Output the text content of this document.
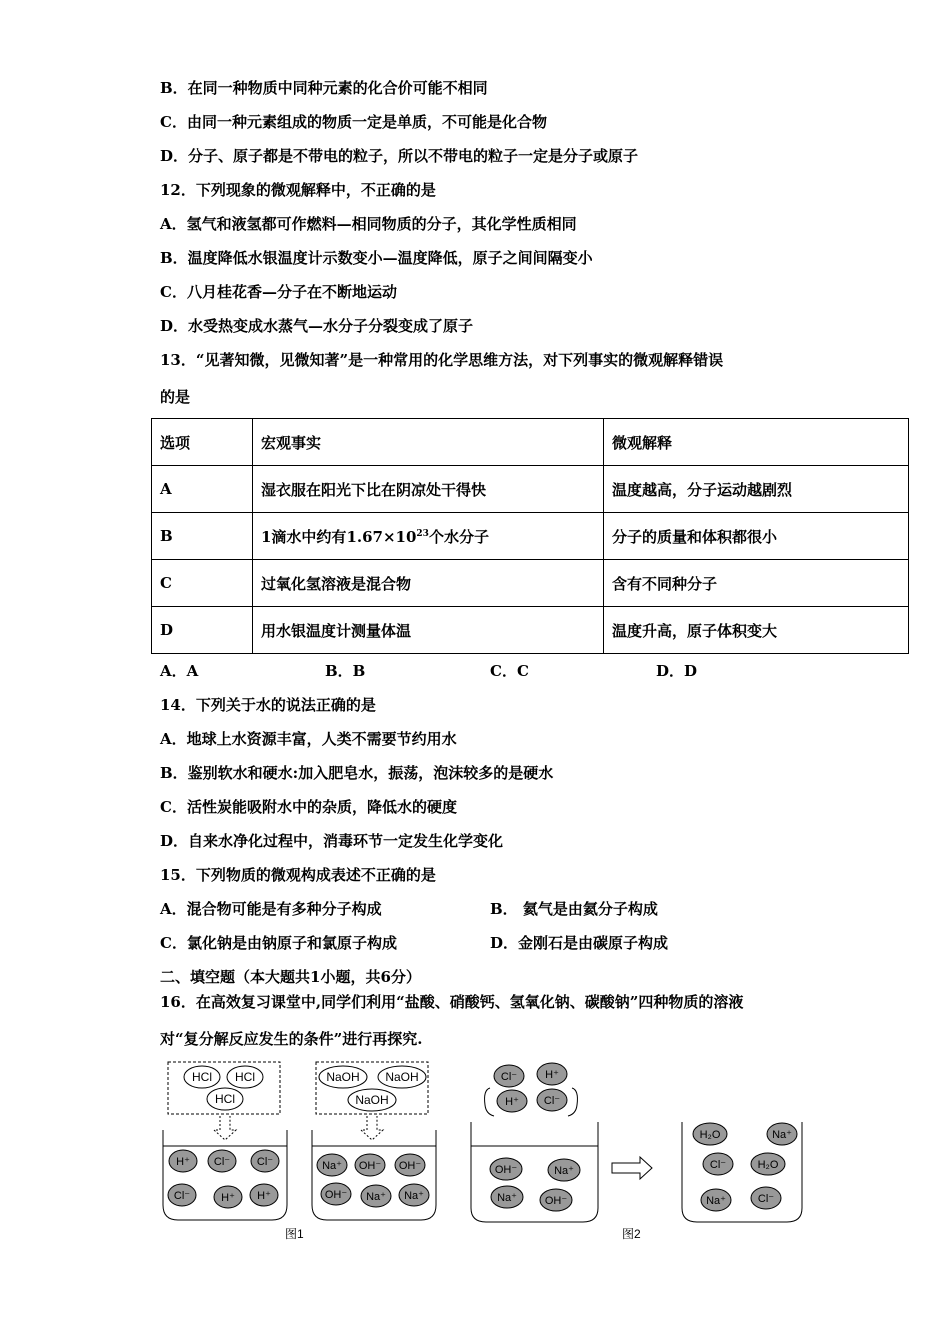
B．在同一种物质中同种元素的化合价可能不相同
C．由同一种元素组成的物质一定是单质，不可能是化合物
D．分子、原子都是不带电的粒子，所以不带电的粒子一定是分子或原子
12．下列现象的微观解释中，不正确的是
A．氢气和液氢都可作燃料—相同物质的分子，其化学性质相同
B．温度降低水银温度计示数变小—温度降低，原子之间间隔变小
C．八月桂花香—分子在不断地运动
D．水受热变成水蒸气—水分子分裂变成了原子
13．“见著知微，见微知著”是一种常用的化学思维方法，对下列事实的微观解释错误
的是
选项	宏观事实	微观解释
A	湿衣服在阳光下比在阴凉处干得快	温度越高，分子运动越剧烈
B	1滴水中约有$1.67\times 10^{23}$个水分子	分子的质量和体积都很小
C	过氧化氢溶液是混合物	含有不同种分子
D	用水银温度计测量体温	温度升高，原子体积变大
A．A	B．B	C．C	D．D
14．下列关于水的说法正确的是
A．地球上水资源丰富，人类不需要节约用水
B．鉴别软水和硬水:加入肥皂水，振荡，泡沫较多的是硬水
C．活性炭能吸附水中的杂质，降低水的硬度
D．自来水净化过程中，消毒环节一定发生化学变化
15．下列物质的微观构成表述不正确的是
A．混合物可能是有多种分子构成	B． 氦气是由氦分子构成
C．氯化钠是由钠原子和氯原子构成	D．金刚石是由碳原子构成
二、填空题（本大题共1小题，共6分）
16．在高效复习课堂中,同学们利用“盐酸、硝酸钙、氢氧化钠、碳酸钠”四种物质的溶液
对“复分解反应发生的条件”进行再探究.
HCl HCl
HCl
H⁺ Cl⁻ Cl⁻
Cl⁻	H⁺ H⁺
NaOH NaOH
NaOH
Na⁺ OH⁻ OH⁻
OH⁻ Na⁺ Na⁺
Cl⁻	H⁺
H⁺ Cl⁻
OH⁻	Na⁺
Na⁺	OH⁻
H₂O	Na⁺
Cl⁻	H₂O
Na⁺	Cl⁻
图1	图2
